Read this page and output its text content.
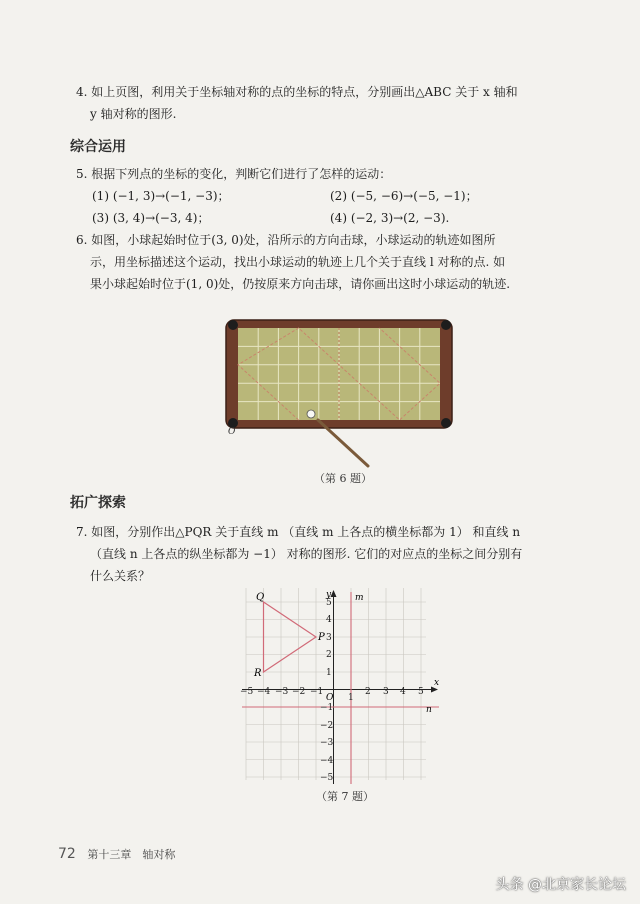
4. 如上页图，利用关于坐标轴对称的点的坐标的特点，分别画出△ABC 关于 x 轴和
y 轴对称的图形.
综合运用
5. 根据下列点的坐标的变化，判断它们进行了怎样的运动：
(1) (−1, 3)→(−1, −3)；	(2) (−5, −6)→(−5, −1)；
(3) (3, 4)→(−3, 4)；	(4) (−2, 3)→(2, −3).
6. 如图，小球起始时位于(3, 0)处，沿所示的方向击球，小球运动的轨迹如图所
示，用坐标描述这个运动，找出小球运动的轨迹上几个关于直线 l 对称的点. 如
果小球起始时位于(1, 0)处，仍按原来方向击球，请你画出这时小球运动的轨迹.
O
（第 6 题）
拓广探索
7. 如图，分别作出△PQR 关于直线 m （直线 m 上各点的横坐标都为 1） 和直线 n
（直线 n 上各点的纵坐标都为 −1） 对称的图形. 它们的对应点的坐标之间分别有
什么关系？
Q
P
R
m
n
x
y
O
−5 −4 −3 −2 −1
1
2 3 4 5
5
4
3
2
1
−1
−2
−3
−4
−5
（第 7 题）
72 第十三章　轴对称
头条 @北京家长论坛
